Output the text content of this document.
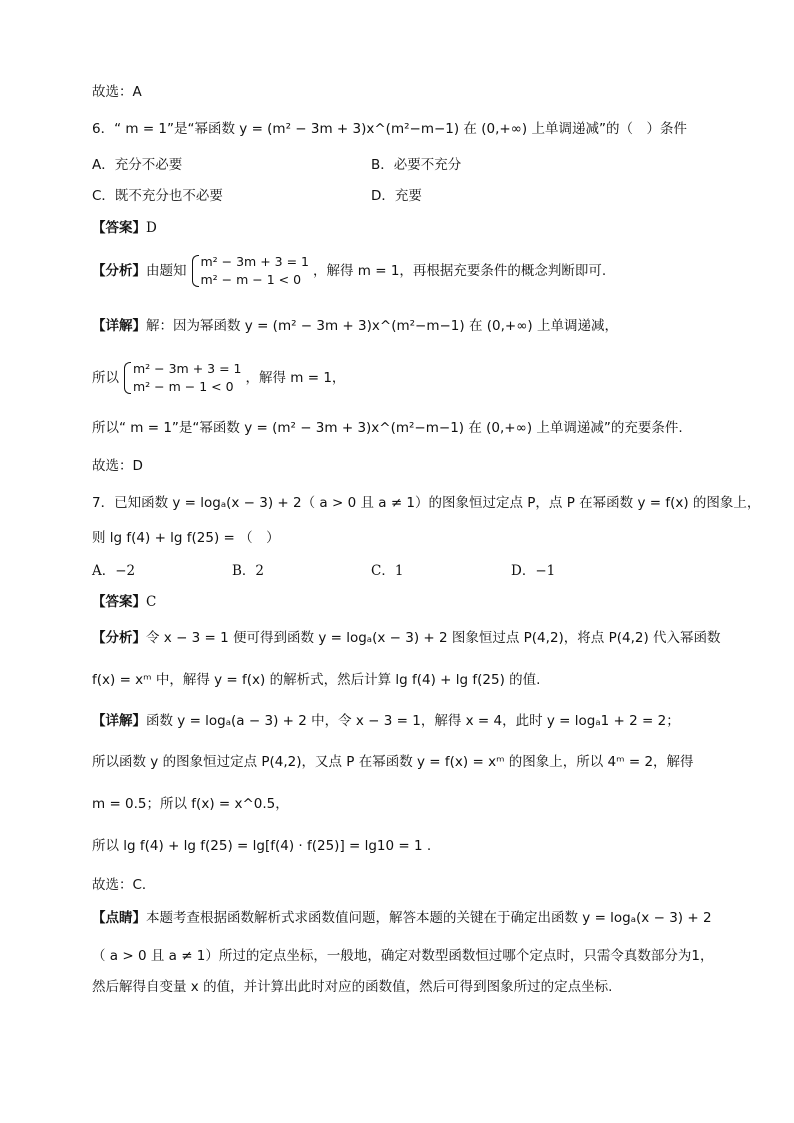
故选：A
6．“ m = 1”是“幂函数 y = (m² − 3m + 3)x^(m²−m−1) 在 (0,+∞) 上单调递减”的（　）条件
A．充分不必要	B．必要不充分
C．既不充分也不必要	D．充要
【答案】D
【分析】由题知
m² − 3m + 3 = 1
m² − m − 1 < 0
，解得 m = 1，再根据充要条件的概念判断即可.
【详解】解：因为幂函数 y = (m² − 3m + 3)x^(m²−m−1) 在 (0,+∞) 上单调递减，
所以
m² − 3m + 3 = 1
m² − m − 1 < 0
，解得 m = 1，
所以“ m = 1”是“幂函数 y = (m² − 3m + 3)x^(m²−m−1) 在 (0,+∞) 上单调递减”的充要条件.
故选：D
7．已知函数 y = logₐ(x − 3) + 2（ a > 0 且 a ≠ 1）的图象恒过定点 P，点 P 在幂函数 y = f(x) 的图象上，
则 lg f(4) + lg f(25) = （　）
A．−2	B．2	C．1	D．−1
【答案】C
【分析】令 x − 3 = 1 便可得到函数 y = logₐ(x − 3) + 2 图象恒过点 P(4,2)，将点 P(4,2) 代入幂函数
f(x) = xᵐ 中，解得 y = f(x) 的解析式，然后计算 lg f(4) + lg f(25) 的值.
【详解】函数 y = logₐ(a − 3) + 2 中，令 x − 3 = 1，解得 x = 4，此时 y = logₐ1 + 2 = 2；
所以函数 y 的图象恒过定点 P(4,2)，又点 P 在幂函数 y = f(x) = xᵐ 的图象上，所以 4ᵐ = 2，解得
m = 0.5；所以 f(x) = x^0.5，
所以 lg f(4) + lg f(25) = lg[f(4) · f(25)] = lg10 = 1 .
故选：C．
【点睛】本题考查根据函数解析式求函数值问题，解答本题的关键在于确定出函数 y = logₐ(x − 3) + 2
（ a > 0 且 a ≠ 1）所过的定点坐标，一般地，确定对数型函数恒过哪个定点时，只需令真数部分为1，
然后解得自变量 x 的值，并计算出此时对应的函数值，然后可得到图象所过的定点坐标.
